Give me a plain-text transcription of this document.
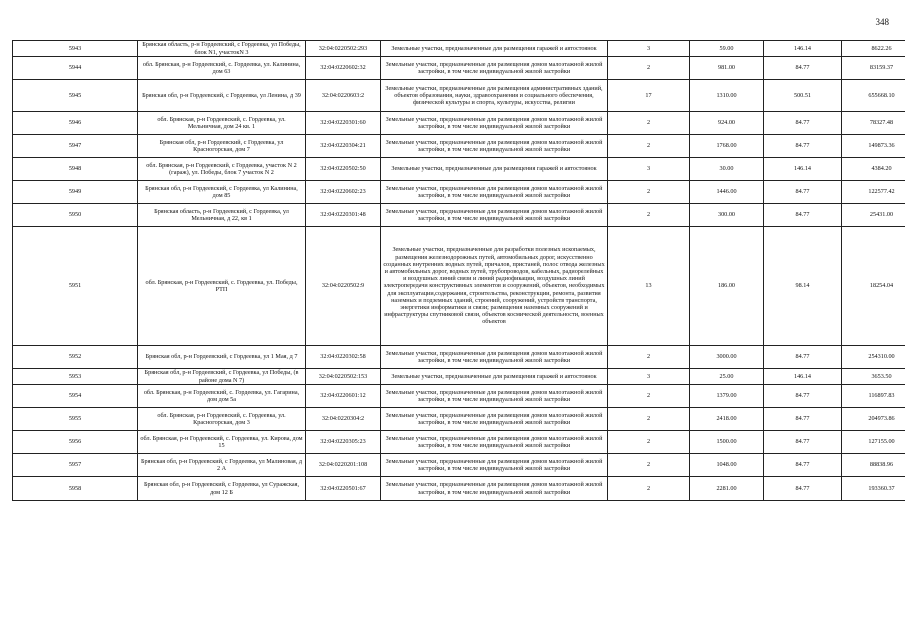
348
5943	Брянская область, р-н Гордеевский, с Гордеевка, ул Победы, блок N1, участокN 3	32:04:0220502:293	Земельные участки, предназначенные для размещения гаражей и автостоянок	3	59.00	146.14	8622.26
5944	обл. Брянская, р-н Гордеевский, с. Гордеевка, ул. Калинина, дом 63	32:04:0220602:32	Земельные участки, предназначенные для размещения домов малоэтажной жилой застройки, в том числе индивидуальной жилой застройки	2	981.00	84.77	83159.37
5945	Брянская обл, р-н Гордеевский, с Гордеевка, ул Ленина, д 39	32:04:0220603:2	Земельные участки, предназначенные для размещения административных зданий, объектов образования, науки, здравоохранения и социального обеспечения, физической культуры и спорта, культуры, искусства, религии	17	1310.00	500.51	655668.10
5946	обл. Брянская, р-н Гордеевский, с. Гордеевка, ул. Мельничная, дом 24 кв. 1	32:04:0220301:60	Земельные участки, предназначенные для размещения домов малоэтажной жилой застройки, в том числе индивидуальной жилой застройки	2	924.00	84.77	78327.48
5947	Брянская обл, р-н Гордеевский, с Гордеевка, ул Красногорская, дом 7	32:04:0220304:21	Земельные участки, предназначенные для размещения домов малоэтажной жилой застройки, в том числе индивидуальной жилой застройки	2	1768.00	84.77	149873.36
5948	обл. Брянская, р-н Гордеевский, с Гордеевка, участок N 2 (гараж), ул. Победы, блок 7 участок N 2	32:04:0220502:50	Земельные участки, предназначенные для размещения гаражей и автостоянок	3	30.00	146.14	4384.20
5949	Брянская обл, р-н Гордеевский, с Гордеевка, ул Калинина, дом 85	32:04:0220602:23	Земельные участки, предназначенные для размещения домов малоэтажной жилой застройки, в том числе индивидуальной жилой застройки	2	1446.00	84.77	122577.42
5950	Брянская область, р-н Гордеевский, с Гордеевка, ул Мельничная, д 22, кв 1	32:04:0220301:48	Земельные участки, предназначенные для размещения домов малоэтажной жилой застройки, в том числе индивидуальной жилой застройки	2	300.00	84.77	25431.00
5951	обл. Брянская, р-н Гордеевский, с. Гордеевка, ул. Победы, РТП	32:04:0220502:9	Земельные участки, предназначенные для разработки полезных ископаемых, размещения железнодорожных путей, автомобильных дорог, искусственно созданных внутренних водных путей, причалов, пристаней, полос отвода железных и автомобильных дорог, водных путей, трубопроводов, кабельных, радиорелейных и воздушных линий связи и линий радиофикации, воздушных линий электропередачи конструктивных элементов и сооружений, объектов, необходимых для эксплуатации,содержания, строительства, реконструкции, ремонта, развития наземных и подземных зданий, строений, сооружений, устройств транспорта, энергетики информатики и связи; размещения наземных сооружений и инфраструктуры спутниковой связи, объектов космической деятельности, военных объектов	13	186.00	98.14	18254.04
5952	Брянская обл, р-н Гордеевский, с Гордеевка, ул 1 Мая, д 7	32:04:0220302:58	Земельные участки, предназначенные для размещения домов малоэтажной жилой застройки, в том числе индивидуальной жилой застройки	2	3000.00	84.77	254310.00
5953	Брянская обл, р-н Гордеевский, с Гордеевка, ул Победы, (в районе дома N 7)	32:04:0220502:153	Земельные участки, предназначенные для размещения гаражей и автостоянок	3	25.00	146.14	3653.50
5954	обл. Брянская, р-н Гордеевский, с. Гордеевка, ул. Гагарина, дом дом 5а	32:04:0220601:12	Земельные участки, предназначенные для размещения домов малоэтажной жилой застройки, в том числе индивидуальной жилой застройки	2	1379.00	84.77	116897.83
5955	обл. Брянская, р-н Гордеевский, с. Гордеевка, ул. Красногорская, дом 3	32:04:0220304:2	Земельные участки, предназначенные для размещения домов малоэтажной жилой застройки, в том числе индивидуальной жилой застройки	2	2418.00	84.77	204973.86
5956	обл. Брянская, р-н Гордеевский, с. Гордеевка, ул. Кирова, дом 15	32:04:0220305:23	Земельные участки, предназначенные для размещения домов малоэтажной жилой застройки, в том числе индивидуальной жилой застройки	2	1500.00	84.77	127155.00
5957	Брянская обл, р-н Гордеевский, с Гордеевка, ул Малиновая, д 2 А	32:04:0220201:108	Земельные участки, предназначенные для размещения домов малоэтажной жилой застройки, в том числе индивидуальной жилой застройки	2	1048.00	84.77	88838.96
5958	Брянская обл, р-н Гордеевский, с Гордеевка, ул Суражская, дом 12 Б	32:04:0220501:67	Земельные участки, предназначенные для размещения домов малоэтажной жилой застройки, в том числе индивидуальной жилой застройки	2	2281.00	84.77	193360.37
